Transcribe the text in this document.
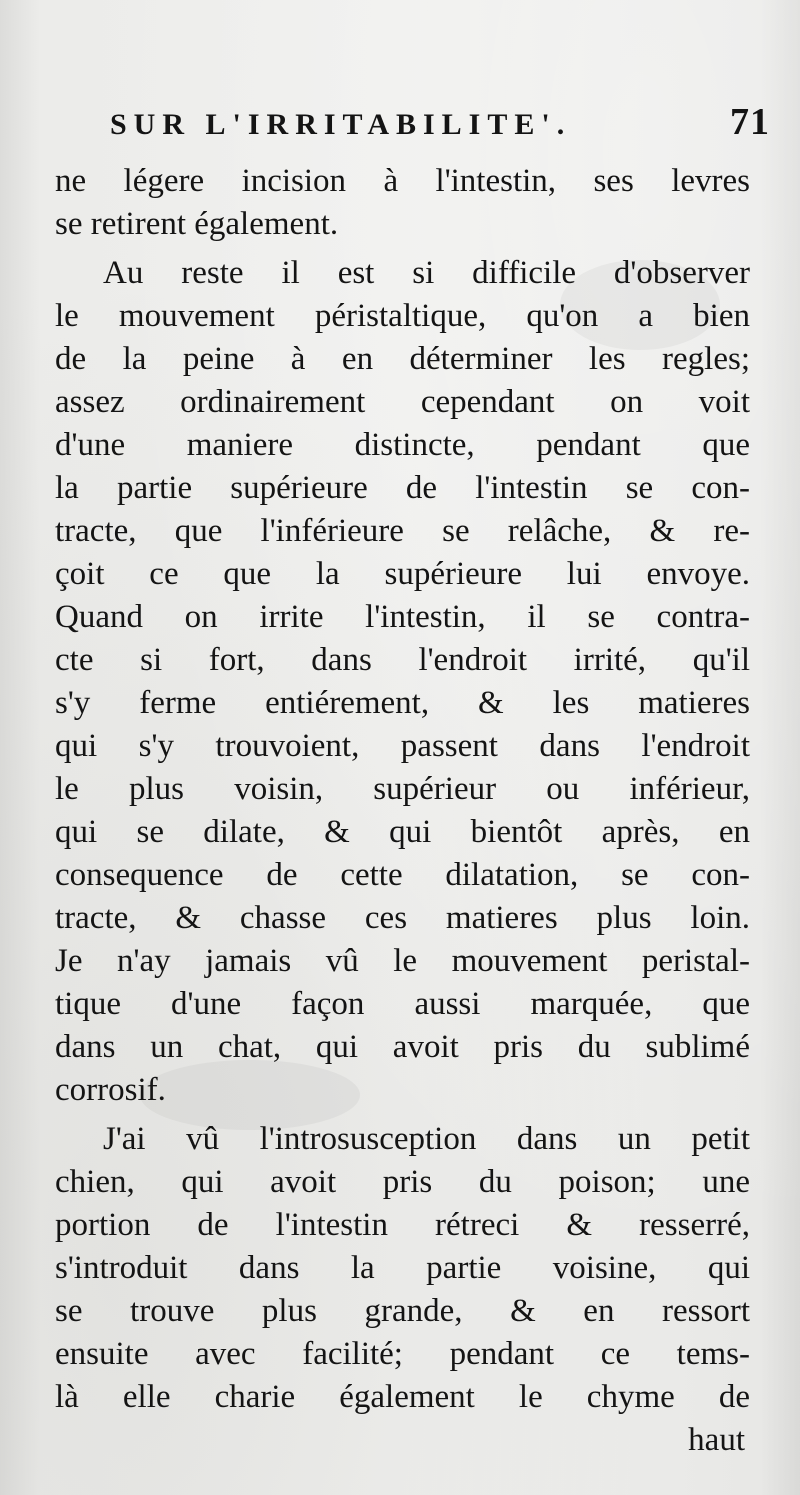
SUR L'IRRITABILITE'.	71
ne légere incision à l'intestin, ses levres
se retirent également.
Au reste il est si difficile d'observer
le mouvement péristaltique, qu'on a bien
de la peine à en déterminer les regles;
assez ordinairement cependant on voit
d'une maniere distincte, pendant que
la partie supérieure de l'intestin se con-
tracte, que l'inférieure se relâche, & re-
çoit ce que la supérieure lui envoye.
Quand on irrite l'intestin, il se contra-
cte si fort, dans l'endroit irrité, qu'il
s'y ferme entiérement, & les matieres
qui s'y trouvoient, passent dans l'endroit
le plus voisin, supérieur ou inférieur,
qui se dilate, & qui bientôt après, en
consequence de cette dilatation, se con-
tracte, & chasse ces matieres plus loin.
Je n'ay jamais vû le mouvement peristal-
tique d'une façon aussi marquée, que
dans un chat, qui avoit pris du sublimé
corrosif.
J'ai vû l'introsusception dans un petit
chien, qui avoit pris du poison; une
portion de l'intestin rétreci & resserré,
s'introduit dans la partie voisine, qui
se trouve plus grande, & en ressort
ensuite avec facilité; pendant ce tems-
là elle charie également le chyme de
haut
